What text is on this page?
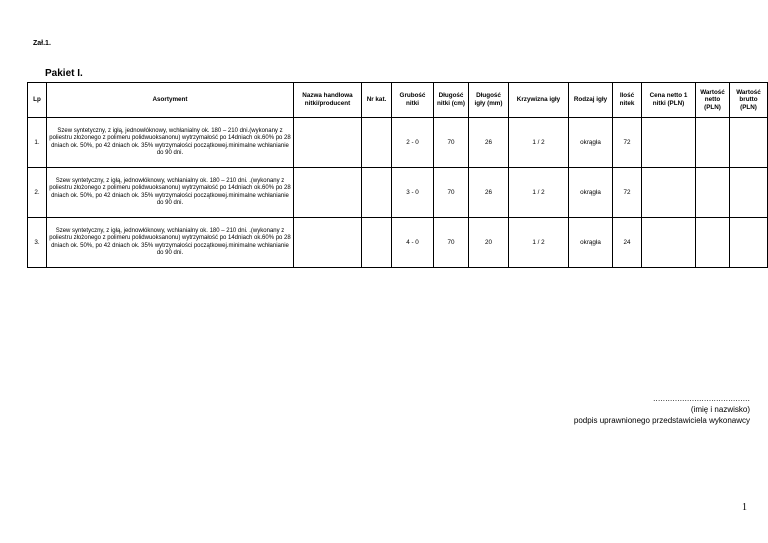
Zał.1.
Pakiet I.
Lp	Asortyment	Nazwa handlowa nitki/producent	Nr kat.	Grubość nitki	Długość nitki (cm)	Długość igły (mm)	Krzywizna igły	Rodzaj igły	Ilość nitek	Cena netto 1 nitki (PLN)	Wartość netto (PLN)	Wartość brutto (PLN)
1.	Szew syntetyczny, z igłą, jednowłóknowy, wchłanialny ok. 180 – 210 dni.(wykonany z poliestru złożonego z polimeru polidwuoksanonu) wytrzymałość po 14dniach ok.60% po 28 dniach ok. 50%, po 42 dniach ok. 35% wytrzymałości początkowej.minimalne wchłanianie do 90 dni.			2 - 0	70	26	1 / 2	okrągła	72			
2.	Szew syntetyczny, z igłą, jednowłóknowy, wchłanialny ok. 180 – 210 dni. .(wykonany z poliestru złożonego z polimeru polidwuoksanonu) wytrzymałość po 14dniach ok.60% po 28 dniach ok. 50%, po 42 dniach ok. 35% wytrzymałości początkowej.minimalne wchłanianie do 90 dni.			3 - 0	70	26	1 / 2	okrągła	72			
3.	Szew syntetyczny, z igłą, jednowłóknowy, wchłanialny ok. 180 – 210 dni. .(wykonany z poliestru złożonego z polimeru polidwuoksanonu) wytrzymałość po 14dniach ok.60% po 28 dniach ok. 50%, po 42 dniach ok. 35% wytrzymałości początkowej.minimalne wchłanianie do 90 dni.			4 - 0	70	20	1 / 2	okrągła	24			
........................................
(imię i nazwisko)
podpis uprawnionego przedstawiciela wykonawcy
1
